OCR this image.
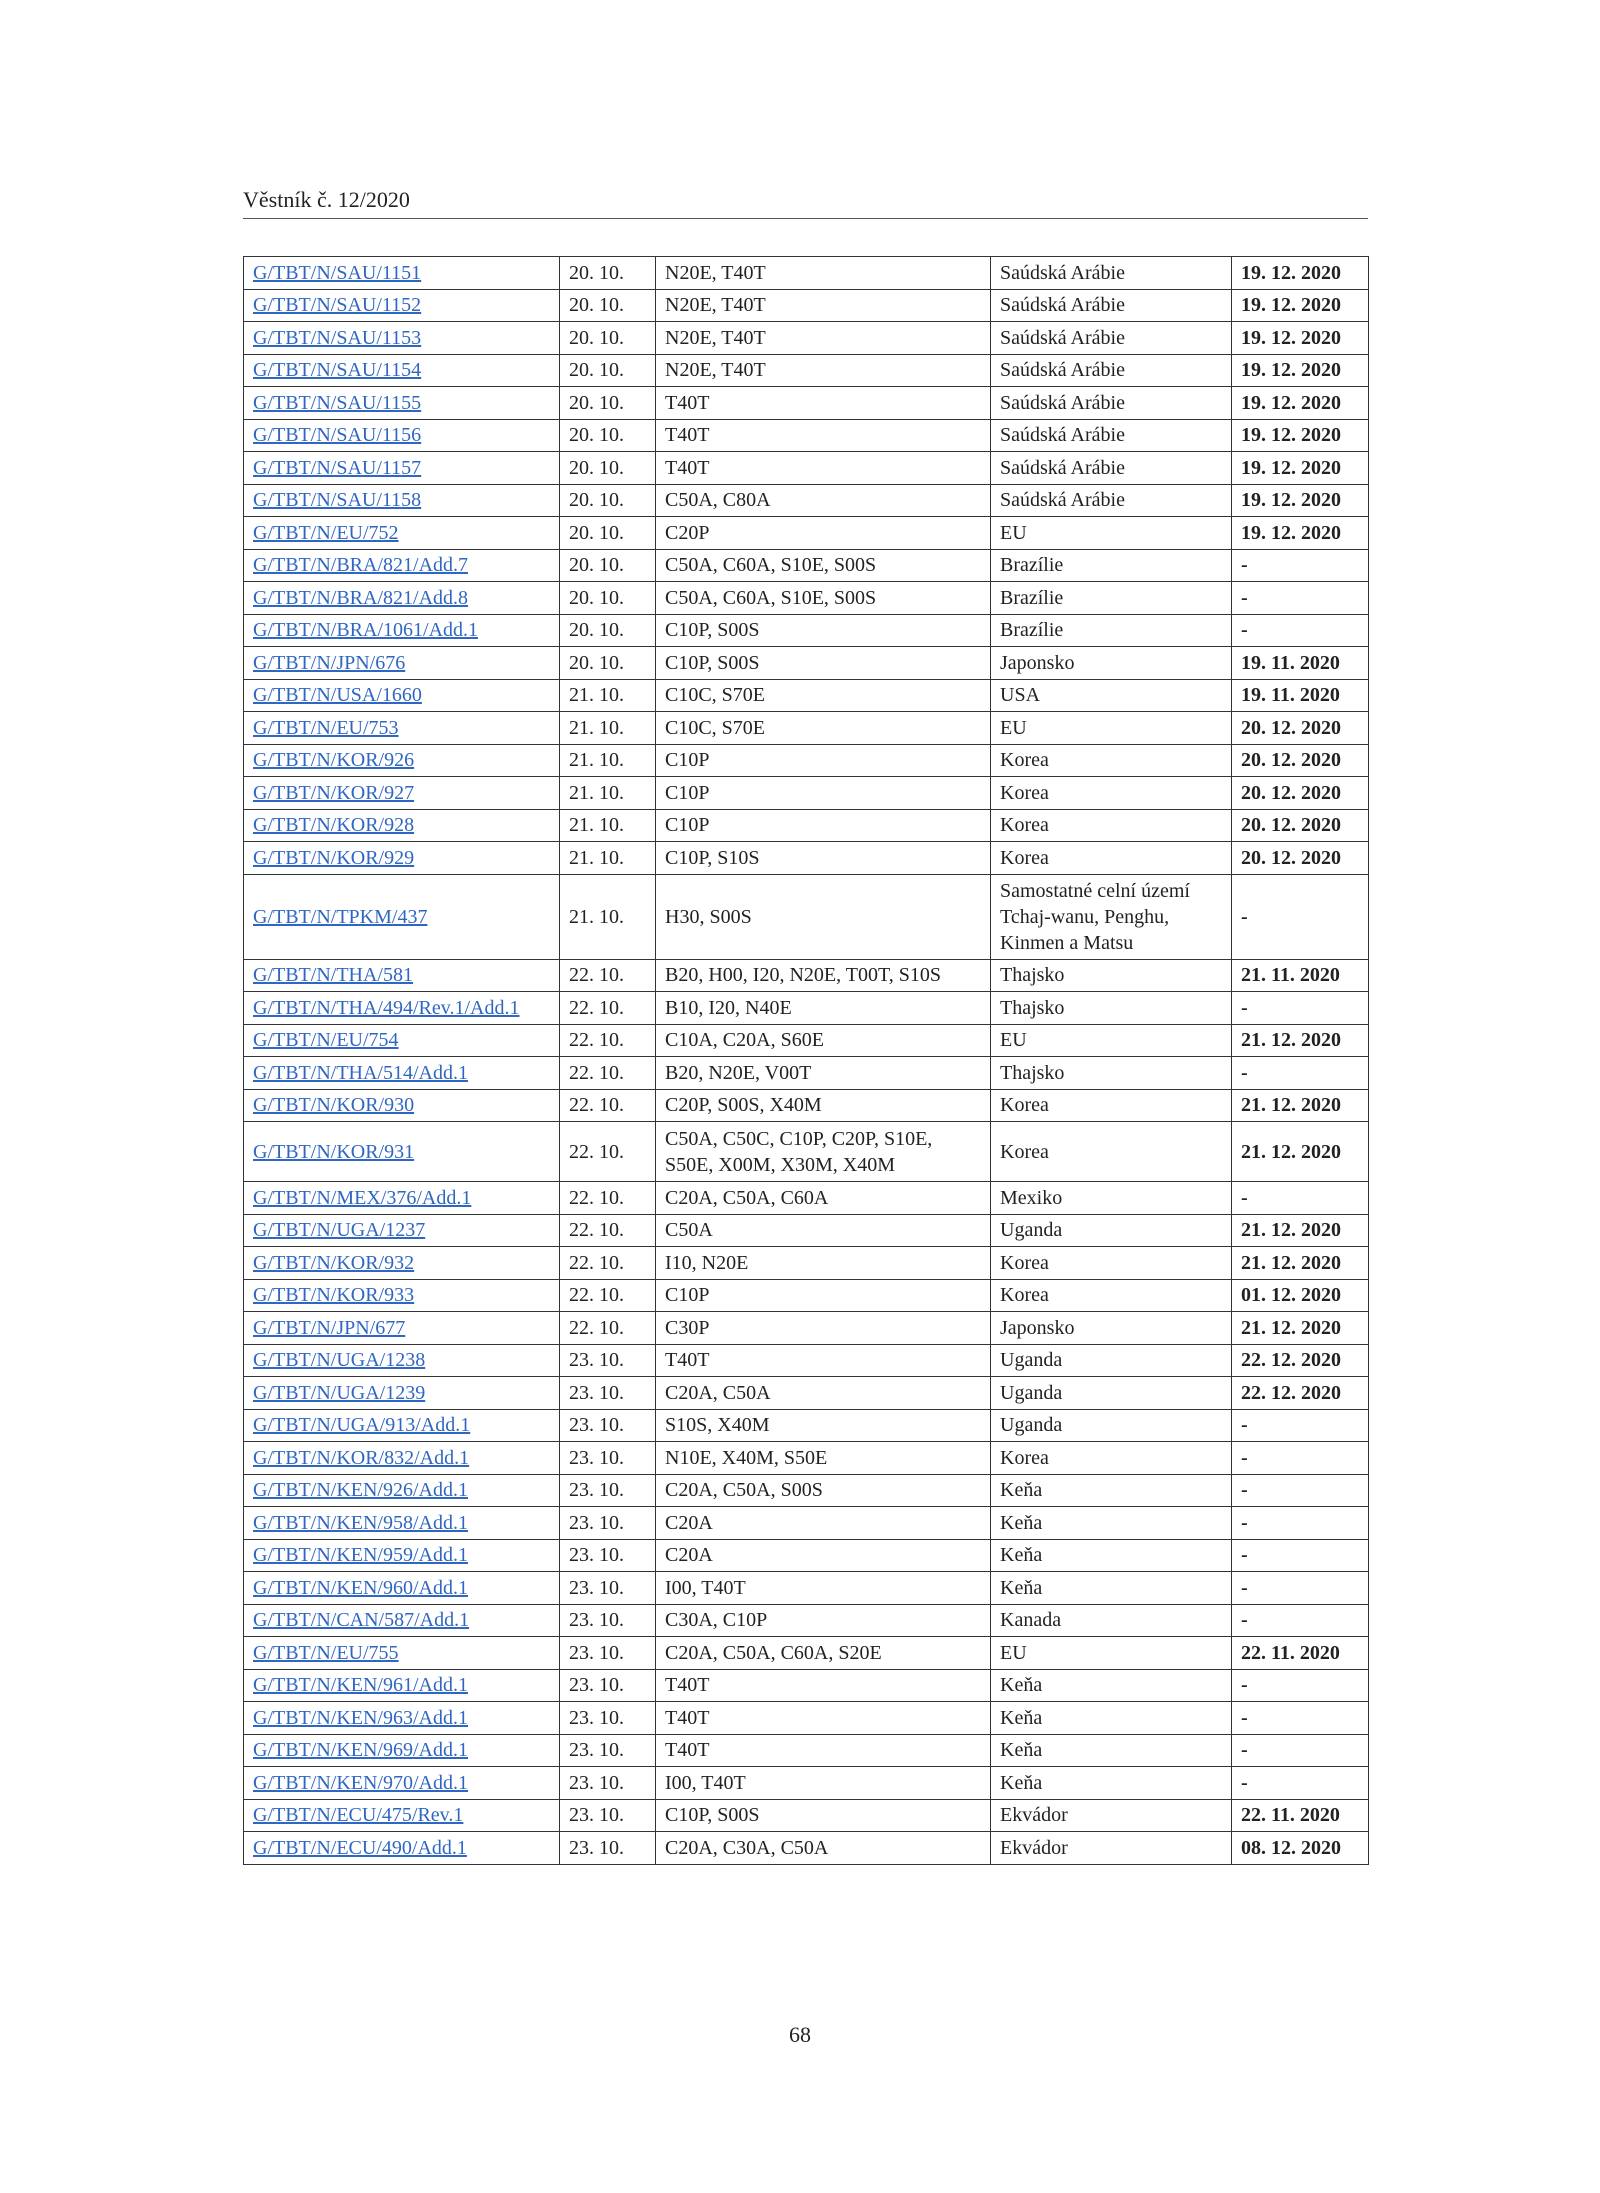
Věstník č. 12/2020
G/TBT/N/SAU/1151	20. 10.	N20E, T40T	Saúdská Arábie	19. 12. 2020
G/TBT/N/SAU/1152	20. 10.	N20E, T40T	Saúdská Arábie	19. 12. 2020
G/TBT/N/SAU/1153	20. 10.	N20E, T40T	Saúdská Arábie	19. 12. 2020
G/TBT/N/SAU/1154	20. 10.	N20E, T40T	Saúdská Arábie	19. 12. 2020
G/TBT/N/SAU/1155	20. 10.	T40T	Saúdská Arábie	19. 12. 2020
G/TBT/N/SAU/1156	20. 10.	T40T	Saúdská Arábie	19. 12. 2020
G/TBT/N/SAU/1157	20. 10.	T40T	Saúdská Arábie	19. 12. 2020
G/TBT/N/SAU/1158	20. 10.	C50A, C80A	Saúdská Arábie	19. 12. 2020
G/TBT/N/EU/752	20. 10.	C20P	EU	19. 12. 2020
G/TBT/N/BRA/821/Add.7	20. 10.	C50A, C60A, S10E, S00S	Brazílie	-
G/TBT/N/BRA/821/Add.8	20. 10.	C50A, C60A, S10E, S00S	Brazílie	-
G/TBT/N/BRA/1061/Add.1	20. 10.	C10P, S00S	Brazílie	-
G/TBT/N/JPN/676	20. 10.	C10P, S00S	Japonsko	19. 11. 2020
G/TBT/N/USA/1660	21. 10.	C10C, S70E	USA	19. 11. 2020
G/TBT/N/EU/753	21. 10.	C10C, S70E	EU	20. 12. 2020
G/TBT/N/KOR/926	21. 10.	C10P	Korea	20. 12. 2020
G/TBT/N/KOR/927	21. 10.	C10P	Korea	20. 12. 2020
G/TBT/N/KOR/928	21. 10.	C10P	Korea	20. 12. 2020
G/TBT/N/KOR/929	21. 10.	C10P, S10S	Korea	20. 12. 2020
G/TBT/N/TPKM/437	21. 10.	H30, S00S	Samostatné celní území Tchaj-wanu, Penghu, Kinmen a Matsu	-
G/TBT/N/THA/581	22. 10.	B20, H00, I20, N20E, T00T, S10S	Thajsko	21. 11. 2020
G/TBT/N/THA/494/Rev.1/Add.1	22. 10.	B10, I20, N40E	Thajsko	-
G/TBT/N/EU/754	22. 10.	C10A, C20A, S60E	EU	21. 12. 2020
G/TBT/N/THA/514/Add.1	22. 10.	B20, N20E, V00T	Thajsko	-
G/TBT/N/KOR/930	22. 10.	C20P, S00S, X40M	Korea	21. 12. 2020
G/TBT/N/KOR/931	22. 10.	C50A, C50C, C10P, C20P, S10E, S50E, X00M, X30M, X40M	Korea	21. 12. 2020
G/TBT/N/MEX/376/Add.1	22. 10.	C20A, C50A, C60A	Mexiko	-
G/TBT/N/UGA/1237	22. 10.	C50A	Uganda	21. 12. 2020
G/TBT/N/KOR/932	22. 10.	I10, N20E	Korea	21. 12. 2020
G/TBT/N/KOR/933	22. 10.	C10P	Korea	01. 12. 2020
G/TBT/N/JPN/677	22. 10.	C30P	Japonsko	21. 12. 2020
G/TBT/N/UGA/1238	23. 10.	T40T	Uganda	22. 12. 2020
G/TBT/N/UGA/1239	23. 10.	C20A, C50A	Uganda	22. 12. 2020
G/TBT/N/UGA/913/Add.1	23. 10.	S10S, X40M	Uganda	-
G/TBT/N/KOR/832/Add.1	23. 10.	N10E, X40M, S50E	Korea	-
G/TBT/N/KEN/926/Add.1	23. 10.	C20A, C50A, S00S	Keňa	-
G/TBT/N/KEN/958/Add.1	23. 10.	C20A	Keňa	-
G/TBT/N/KEN/959/Add.1	23. 10.	C20A	Keňa	-
G/TBT/N/KEN/960/Add.1	23. 10.	I00, T40T	Keňa	-
G/TBT/N/CAN/587/Add.1	23. 10.	C30A, C10P	Kanada	-
G/TBT/N/EU/755	23. 10.	C20A, C50A, C60A, S20E	EU	22. 11. 2020
G/TBT/N/KEN/961/Add.1	23. 10.	T40T	Keňa	-
G/TBT/N/KEN/963/Add.1	23. 10.	T40T	Keňa	-
G/TBT/N/KEN/969/Add.1	23. 10.	T40T	Keňa	-
G/TBT/N/KEN/970/Add.1	23. 10.	I00, T40T	Keňa	-
G/TBT/N/ECU/475/Rev.1	23. 10.	C10P, S00S	Ekvádor	22. 11. 2020
G/TBT/N/ECU/490/Add.1	23. 10.	C20A, C30A, C50A	Ekvádor	08. 12. 2020
68
